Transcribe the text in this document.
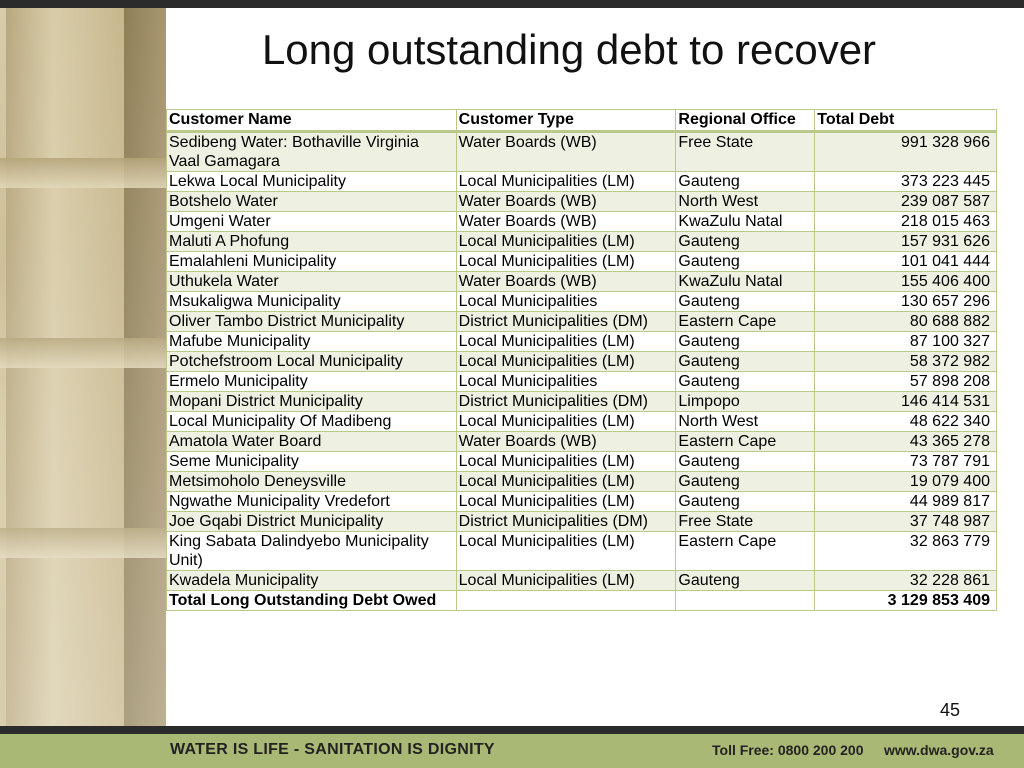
Long outstanding debt to recover
Customer Name	Customer Type	Regional Office	Total Debt
Sedibeng Water: Bothaville Virginia Vaal Gamagara	Water Boards (WB)	Free State	991 328 966
Lekwa Local Municipality	Local Municipalities (LM)	Gauteng	373 223 445
Botshelo Water	Water Boards (WB)	North West	239 087 587
Umgeni Water	Water Boards (WB)	KwaZulu Natal	218 015 463
Maluti A Phofung	Local Municipalities (LM)	Gauteng	157 931 626
Emalahleni Municipality	Local Municipalities (LM)	Gauteng	101 041 444
Uthukela Water	Water Boards (WB)	KwaZulu Natal	155 406 400
Msukaligwa Municipality	Local Municipalities	Gauteng	130 657 296
Oliver Tambo District Municipality	District Municipalities (DM)	Eastern Cape	80 688 882
Mafube Municipality	Local Municipalities (LM)	Gauteng	87 100 327
Potchefstroom Local Municipality	Local Municipalities (LM)	Gauteng	58 372 982
Ermelo Municipality	Local Municipalities	Gauteng	57 898 208
Mopani District Municipality	District Municipalities (DM)	Limpopo	146 414 531
Local Municipality Of Madibeng	Local Municipalities (LM)	North West	48 622 340
Amatola Water Board	Water Boards (WB)	Eastern Cape	43 365 278
Seme Municipality	Local Municipalities (LM)	Gauteng	73 787 791
Metsimoholo Deneysville	Local Municipalities (LM)	Gauteng	19 079 400
Ngwathe Municipality Vredefort	Local Municipalities (LM)	Gauteng	44 989 817
Joe Gqabi District Municipality	District Municipalities (DM)	Free State	37 748 987
King Sabata Dalindyebo Municipality Unit)	Local Municipalities (LM)	Eastern Cape	32 863 779
Kwadela Municipality	Local Municipalities (LM)	Gauteng	32 228 861
Total Long Outstanding Debt Owed			3 129 853 409
45
WATER IS LIFE - SANITATION IS DIGNITY	Toll Free: 0800 200 200 www.dwa.gov.za
